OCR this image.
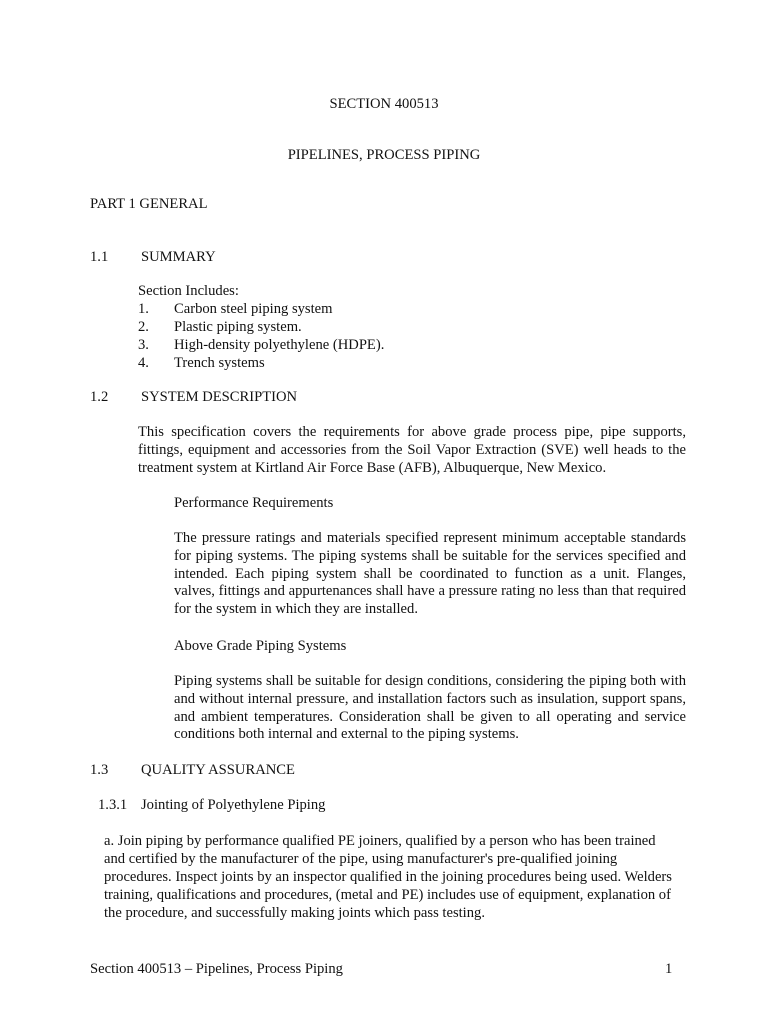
SECTION 400513
PIPELINES, PROCESS PIPING
PART 1 GENERAL
1.1 SUMMARY
Section Includes:
1. Carbon steel piping system
2. Plastic piping system.
3. High-density polyethylene (HDPE).
4. Trench systems
1.2 SYSTEM DESCRIPTION
This specification covers the requirements for above grade process pipe, pipe supports, fittings, equipment and accessories from the Soil Vapor Extraction (SVE) well heads to the treatment system at Kirtland Air Force Base (AFB), Albuquerque, New Mexico.
Performance Requirements
The pressure ratings and materials specified represent minimum acceptable standards for piping systems. The piping systems shall be suitable for the services specified and intended. Each piping system shall be coordinated to function as a unit. Flanges, valves, fittings and appurtenances shall have a pressure rating no less than that required for the system in which they are installed.
Above Grade Piping Systems
Piping systems shall be suitable for design conditions, considering the piping both with and without internal pressure, and installation factors such as insulation, support spans, and ambient temperatures. Consideration shall be given to all operating and service conditions both internal and external to the piping systems.
1.3 QUALITY ASSURANCE
1.3.1 Jointing of Polyethylene Piping
a. Join piping by performance qualified PE joiners, qualified by a person who has been trained
and certified by the manufacturer of the pipe, using manufacturer's pre-qualified joining
procedures. Inspect joints by an inspector qualified in the joining procedures being used. Welders
training, qualifications and procedures, (metal and PE) includes use of equipment, explanation of
the procedure, and successfully making joints which pass testing.
Section 400513 – Pipelines, Process Piping	1
